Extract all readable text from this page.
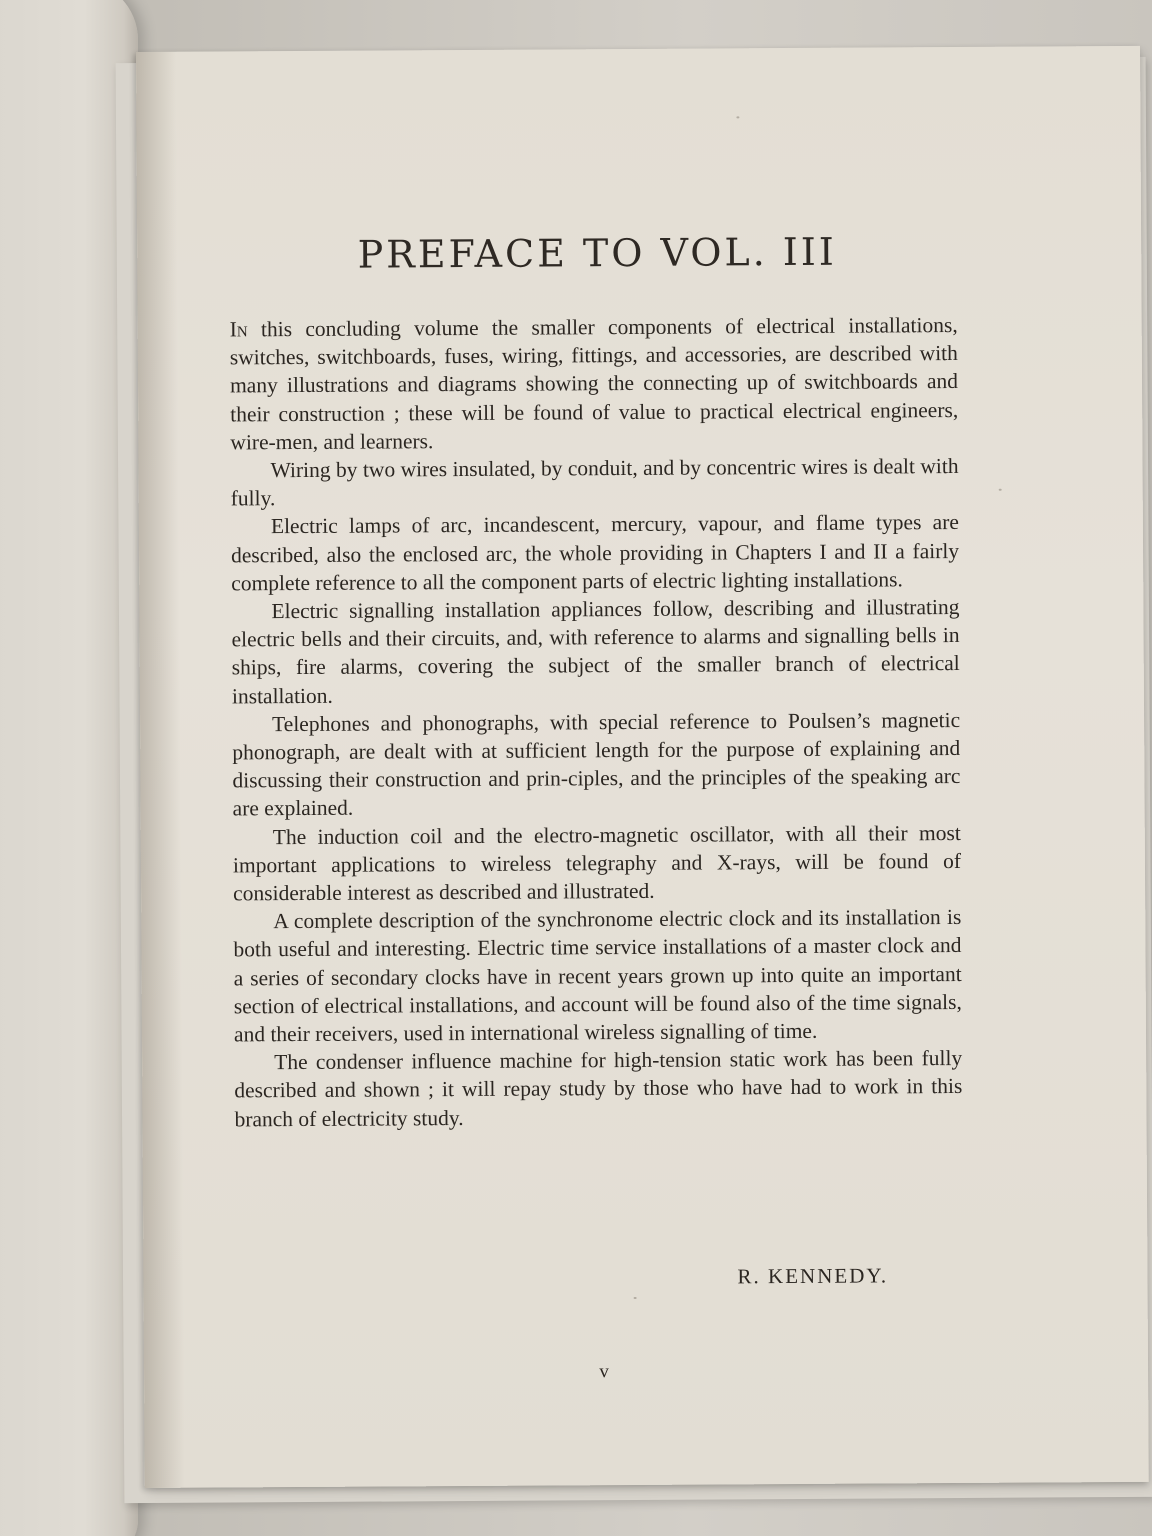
PREFACE TO VOL. III

In this concluding volume the smaller components of electrical installations, switches, switchboards, fuses, wiring, fittings, and accessories, are described with many illustrations and diagrams showing the connecting up of switchboards and their construction ; these will be found of value to practical electrical engineers, wire-men, and learners.

Wiring by two wires insulated, by conduit, and by concentric wires is dealt with fully.

Electric lamps of arc, incandescent, mercury, vapour, and flame types are described, also the enclosed arc, the whole providing in Chapters I and II a fairly complete reference to all the component parts of electric lighting installations.

Electric signalling installation appliances follow, describing and illustrating electric bells and their circuits, and, with reference to alarms and signalling bells in ships, fire alarms, covering the subject of the smaller branch of electrical installation.

Telephones and phonographs, with special reference to Poulsen’s magnetic phonograph, are dealt with at sufficient length for the purpose of explaining and discussing their construction and prin-ciples, and the principles of the speaking arc are explained.

The induction coil and the electro-magnetic oscillator, with all their most important applications to wireless telegraphy and X-rays, will be found of considerable interest as described and illustrated.

A complete description of the synchronome electric clock and its installation is both useful and interesting. Electric time service installations of a master clock and a series of secondary clocks have in recent years grown up into quite an important section of electrical installations, and account will be found also of the time signals, and their receivers, used in international wireless signalling of time.

The condenser influence machine for high-tension static work has been fully described and shown ; it will repay study by those who have had to work in this branch of electricity study.

R. KENNEDY.
v
